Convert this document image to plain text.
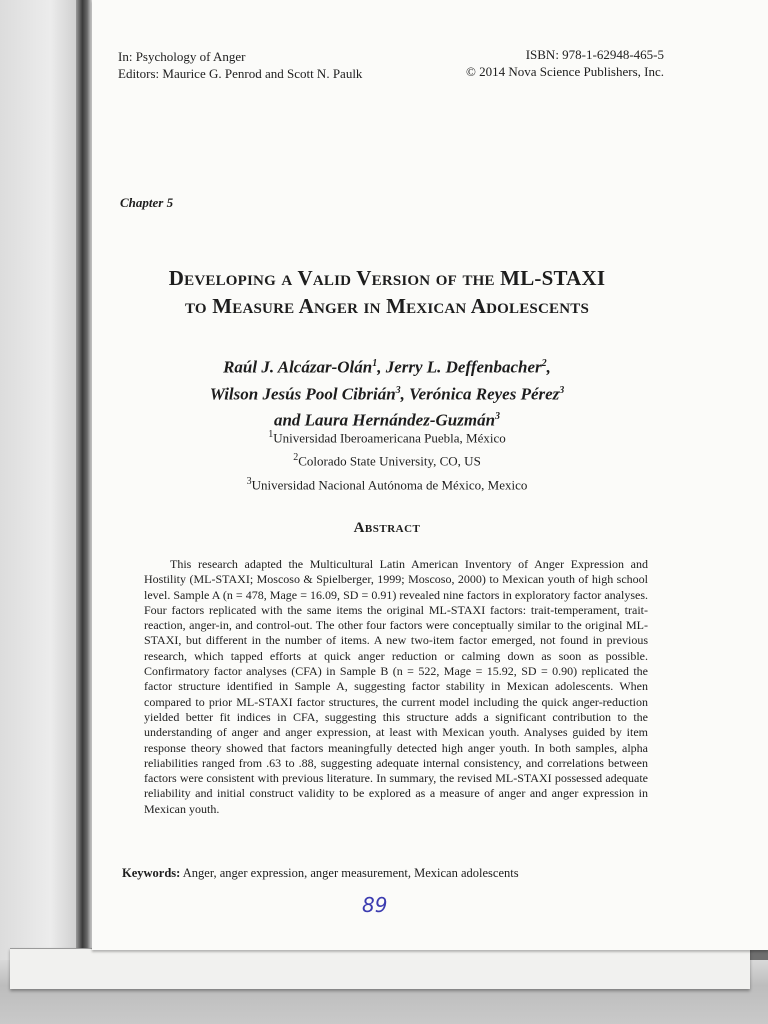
In: Psychology of Anger
Editors: Maurice G. Penrod and Scott N. Paulk
ISBN: 978-1-62948-465-5
© 2014 Nova Science Publishers, Inc.
Chapter 5
Developing a Valid Version of the ML-STAXI
to Measure Anger in Mexican Adolescents
Raúl J. Alcázar-Olán$^1$, Jerry L. Deffenbacher$^2$,
Wilson Jesús Pool Cibrián$^3$, Verónica Reyes Pérez$^3$
and Laura Hernández-Guzmán$^3$
$^1$Universidad Iberoamericana Puebla, México
$^2$Colorado State University, CO, US
$^3$Universidad Nacional Autónoma de México, Mexico
Abstract
This research adapted the Multicultural Latin American Inventory of Anger Expression and Hostility (ML-STAXI; Moscoso & Spielberger, 1999; Moscoso, 2000) to Mexican youth of high school level. Sample A (n = 478, Mage = 16.09, SD = 0.91) revealed nine factors in exploratory factor analyses. Four factors replicated with the same items the original ML-STAXI factors: trait-temperament, trait-reaction, anger-in, and control-out. The other four factors were conceptually similar to the original ML-STAXI, but different in the number of items. A new two-item factor emerged, not found in previous research, which tapped efforts at quick anger reduction or calming down as soon as possible. Confirmatory factor analyses (CFA) in Sample B (n = 522, Mage = 15.92, SD = 0.90) replicated the factor structure identified in Sample A, suggesting factor stability in Mexican adolescents. When compared to prior ML-STAXI factor structures, the current model including the quick anger-reduction yielded better fit indices in CFA, suggesting this structure adds a significant contribution to the understanding of anger and anger expression, at least with Mexican youth. Analyses guided by item response theory showed that factors meaningfully detected high anger youth. In both samples, alpha reliabilities ranged from .63 to .88, suggesting adequate internal consistency, and correlations between factors were consistent with previous literature. In summary, the revised ML-STAXI possessed adequate reliability and initial construct validity to be explored as a measure of anger and anger expression in Mexican youth.
Keywords: Anger, anger expression, anger measurement, Mexican adolescents
89
